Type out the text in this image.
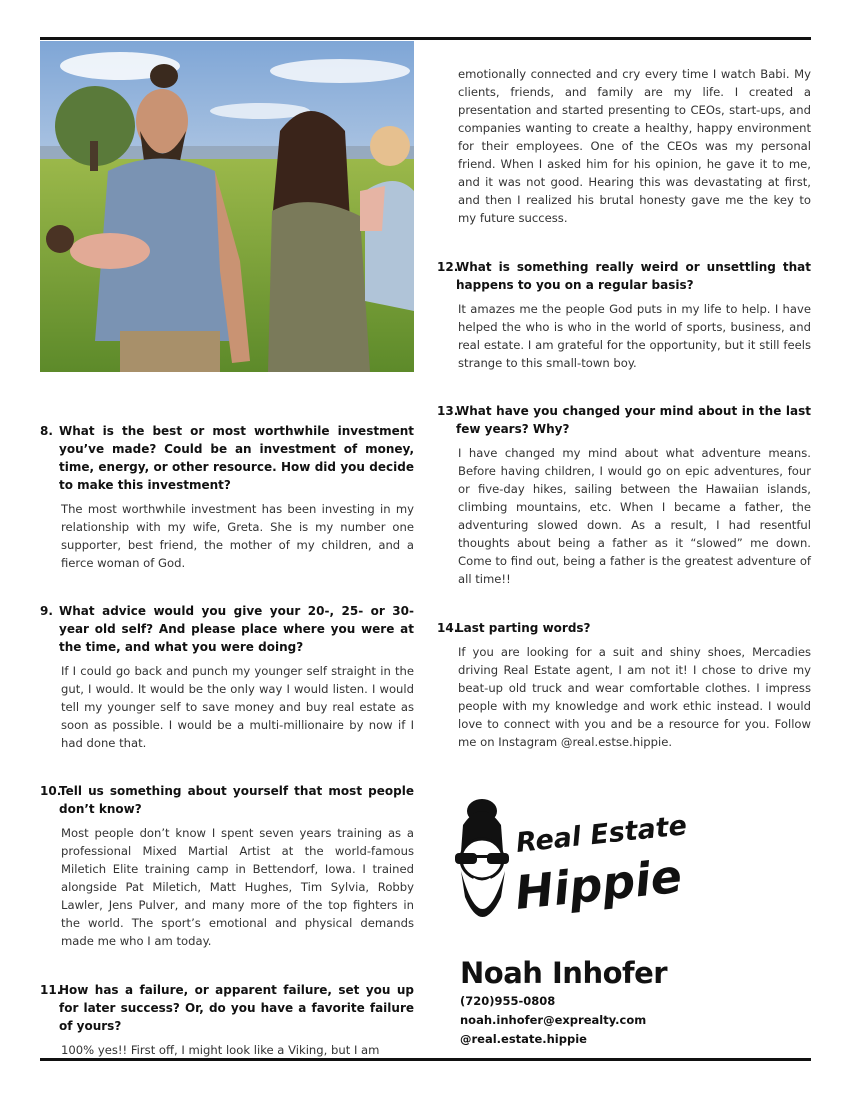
8. What is the best or most worthwhile investment you’ve made? Could be an investment of money, time, energy, or other resource. How did you decide to make this investment?

The most worthwhile investment has been investing in my relationship with my wife, Greta. She is my number one supporter, best friend, the mother of my children, and a fierce woman of God.

9. What advice would you give your 20-, 25- or 30-year old self? And please place where you were at the time, and what you were doing?

If I could go back and punch my younger self straight in the gut, I would. It would be the only way I would listen. I would tell my younger self to save money and buy real estate as soon as possible. I would be a multi-millionaire by now if I had done that.

10.Tell us something about yourself that most people don’t know?

Most people don’t know I spent seven years training as a professional Mixed Martial Artist at the world-famous Miletich Elite training camp in Bettendorf, Iowa. I trained alongside Pat Miletich, Matt Hughes, Tim Sylvia, Robby Lawler, Jens Pulver, and many more of the top fighters in the world. The sport’s emotional and physical demands made me who I am today.

11.How has a failure, or apparent failure, set you up for later success? Or, do you have a favorite failure of yours?

100% yes!! First off, I might look like a Viking, but I am

emotionally connected and cry every time I watch Babi. My clients, friends, and family are my life. I created a presentation and started presenting to CEOs, start-ups, and companies wanting to create a healthy, happy environment for their employees. One of the CEOs was my personal friend. When I asked him for his opinion, he gave it to me, and it was not good. Hearing this was devastating at first, and then I realized his brutal honesty gave me the key to my future success.

12.What is something really weird or unsettling that happens to you on a regular basis?

It amazes me the people God puts in my life to help. I have helped the who is who in the world of sports, business, and real estate. I am grateful for the opportunity, but it still feels strange to this small-town boy.

13.What have you changed your mind about in the last few years? Why?

I have changed my mind about what adventure means. Before having children, I would go on epic adventures, four or five-day hikes, sailing between the Hawaiian islands, climbing mountains, etc. When I became a father, the adventuring slowed down. As a result, I had resentful thoughts about being a father as it “slowed” me down. Come to find out, being a father is the greatest adventure of all time!!

14.Last parting words?

If you are looking for a suit and shiny shoes, Mercadies driving Real Estate agent, I am not it! I chose to drive my beat-up old truck and wear comfortable clothes. I impress people with my knowledge and work ethic instead. I would love to connect with you and be a resource for you. Follow me on Instagram @real.estse.hippie.

Real Estate
Hippie
Noah Inhofer
(720)955-0808
noah.inhofer@exprealty.com
@real.estate.hippie
